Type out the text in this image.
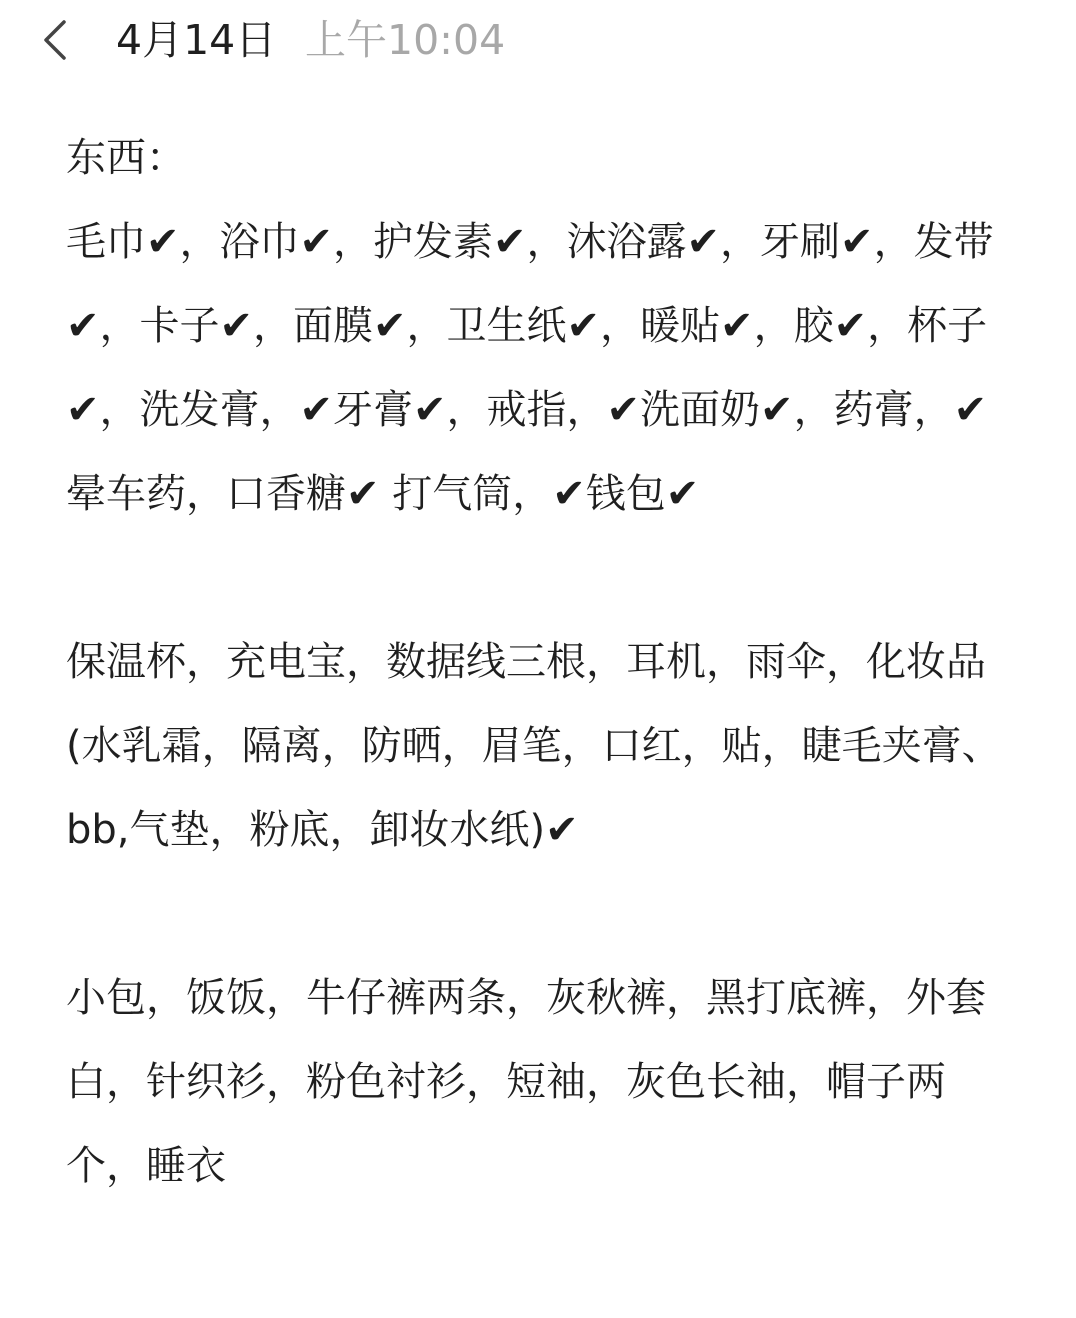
4月14日 上午10:04

东西：

毛巾✔，浴巾✔，护发素✔，沐浴露✔，牙刷✔，发带✔，卡子✔，面膜✔，卫生纸✔，暖贴✔，胶✔，杯子✔，洗发膏，✔牙膏✔，戒指，✔洗面奶✔，药膏，✔晕车药，口香糖✔ 打气筒，✔钱包✔

保温杯，充电宝，数据线三根，耳机，雨伞，化妆品(水乳霜，隔离，防晒，眉笔，口红，贴，睫毛夹膏、bb,气垫，粉底，卸妆水纸)✔

小包，饭饭，牛仔裤两条，灰秋裤，黑打底裤，外套白，针织衫，粉色衬衫，短袖，灰色长袖，帽子两个，睡衣
